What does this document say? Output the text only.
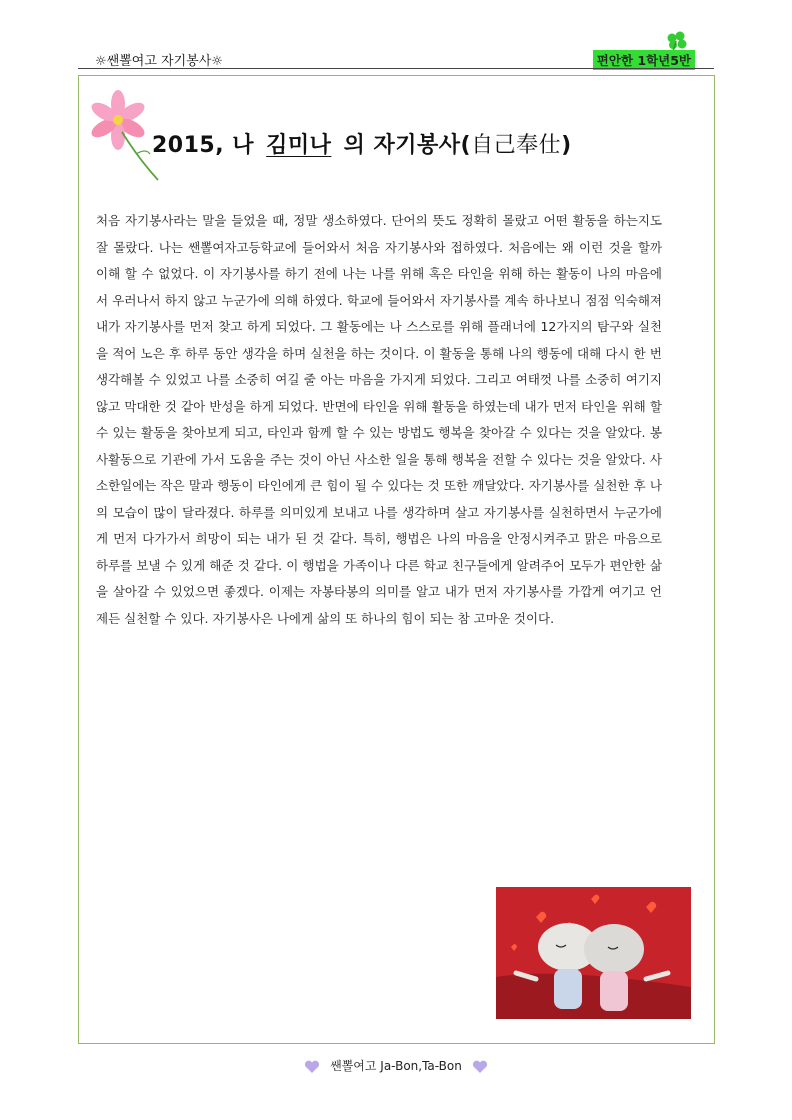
☼쌘뽈여고 자기봉사☼	편안한 1학년5반
2015, 나 김미나 의 자기봉사(自己奉仕)
처음 자기봉사라는 말을 들었을 때, 정말 생소하였다. 단어의 뜻도 정확히 몰랐고 어떤 활동을 하는지도 잘 몰랐다. 나는 쌘뽈여자고등학교에 들어와서 처음 자기봉사와 접하였다. 처음에는 왜 이런 것을 할까 이해 할 수 없었다. 이 자기봉사를 하기 전에 나는 나를 위해 혹은 타인을 위해 하는 활동이 나의 마음에서 우러나서 하지 않고 누군가에 의해 하였다. 학교에 들어와서 자기봉사를 계속 하나보니 점점 익숙해져 내가 자기봉사를 먼저 찾고 하게 되었다. 그 활동에는 나 스스로를 위해 플래너에 12가지의 탐구와 실천을 적어 노은 후 하루 동안 생각을 하며 실천을 하는 것이다. 이 활동을 통해 나의 행동에 대해 다시 한 번 생각해볼 수 있었고 나를 소중히 여길 줄 아는 마음을 가지게 되었다. 그리고 여태껏 나를 소중히 여기지 않고 막대한 것 같아 반성을 하게 되었다. 반면에 타인을 위해 활동을 하였는데 내가 먼저 타인을 위해 할 수 있는 활동을 찾아보게 되고, 타인과 함께 할 수 있는 방법도 행복을 찾아갈 수 있다는 것을 알았다. 봉사활동으로 기관에 가서 도움을 주는 것이 아닌 사소한 일을 통해 행복을 전할 수 있다는 것을 알았다. 사소한일에는 작은 말과 행동이 타인에게 큰 힘이 될 수 있다는 것 또한 깨달았다. 자기봉사를 실천한 후 나의 모습이 많이 달라졌다. 하루를 의미있게 보내고 나를 생각하며 살고 자기봉사를 실천하면서 누군가에게 먼저 다가가서 희망이 되는 내가 된 것 같다. 특히, 행법은 나의 마음을 안정시켜주고 맑은 마음으로 하루를 보낼 수 있게 해준 것 같다. 이 행법을 가족이나 다른 학교 친구들에게 알려주어 모두가 편안한 삶을 살아갈 수 있었으면 좋겠다. 이제는 자봉타봉의 의미를 알고 내가 먼저 자기봉사를 가깝게 여기고 언제든 실천할 수 있다. 자기봉사은 나에게 삶의 또 하나의 힘이 되는 참 고마운 것이다.
쌘뽈여고 Ja-Bon,Ta-Bon
